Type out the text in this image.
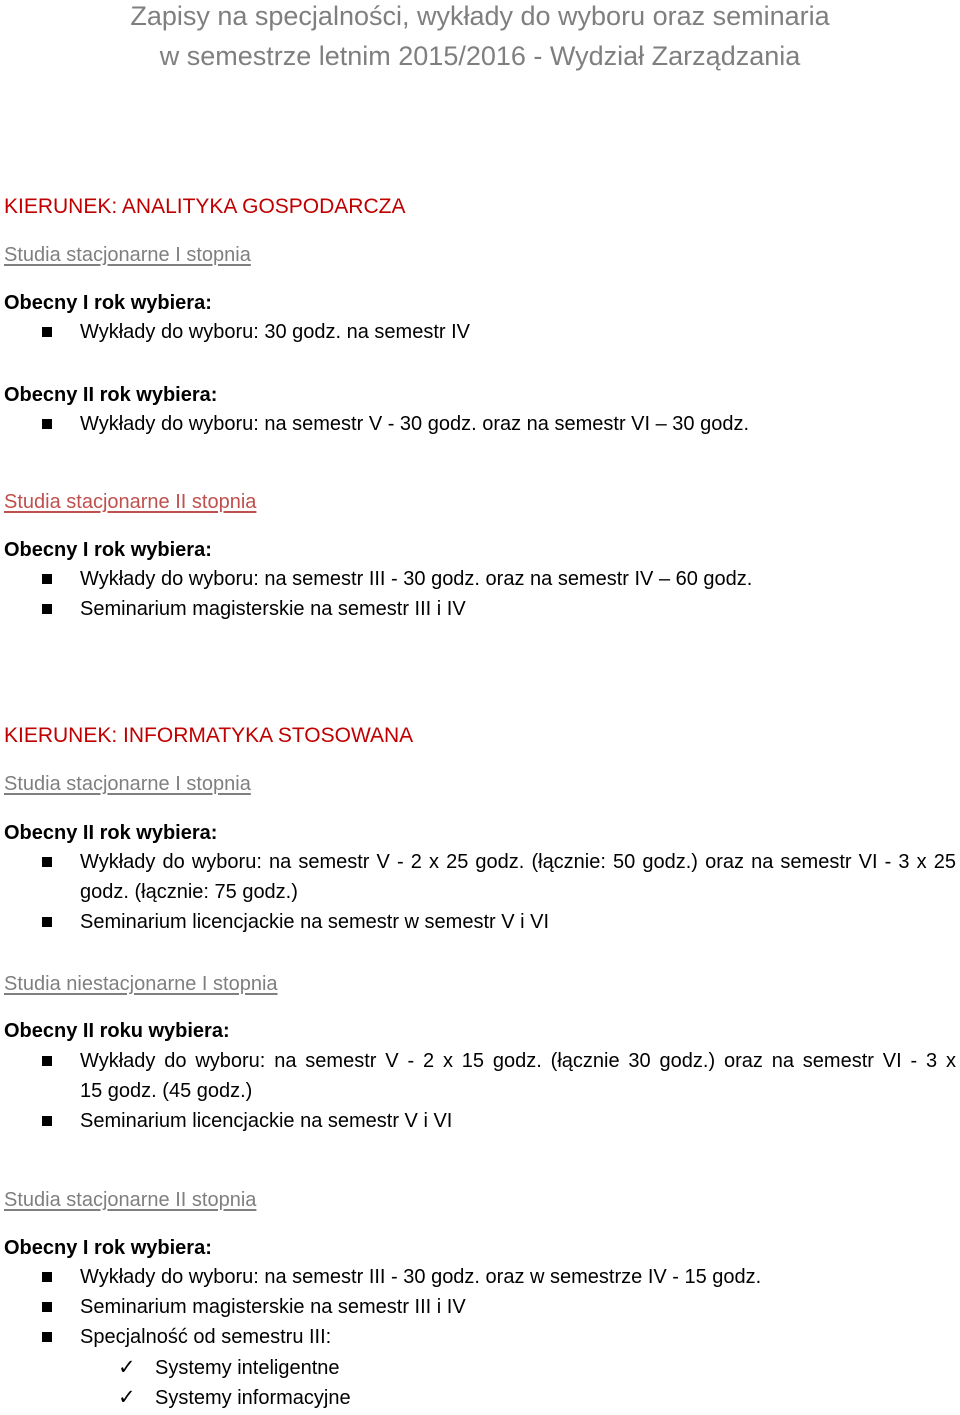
Zapisy na specjalności, wykłady do wyboru oraz seminaria
w semestrze letnim 2015/2016 - Wydział Zarządzania
KIERUNEK: ANALITYKA GOSPODARCZA
Studia stacjonarne I stopnia
Obecny I rok wybiera:
Wykłady do wyboru: 30 godz. na semestr IV
Obecny II rok wybiera:
Wykłady do wyboru: na semestr V - 30 godz. oraz na semestr VI – 30 godz.
Studia stacjonarne II stopnia
Obecny I rok wybiera:
Wykłady do wyboru: na semestr III - 30 godz. oraz na semestr IV – 60 godz.
Seminarium magisterskie na semestr III i IV
KIERUNEK: INFORMATYKA STOSOWANA
Studia stacjonarne I stopnia
Obecny II rok wybiera:
Wykłady do wyboru: na semestr V - 2 x 25 godz. (łącznie: 50 godz.) oraz na semestr VI - 3 x 25
godz. (łącznie: 75 godz.)
Seminarium licencjackie na semestr w semestr V i VI
Studia niestacjonarne I stopnia
Obecny II roku wybiera:
Wykłady do wyboru: na semestr V - 2 x 15 godz. (łącznie 30 godz.) oraz na semestr VI - 3 x
15 godz. (45 godz.)
Seminarium licencjackie na semestr V i VI
Studia stacjonarne II stopnia
Obecny I rok wybiera:
Wykłady do wyboru: na semestr III - 30 godz. oraz w semestrze IV - 15 godz.
Seminarium magisterskie na semestr III i IV
Specjalność od semestru III:
✓ Systemy inteligentne
✓ Systemy informacyjne
